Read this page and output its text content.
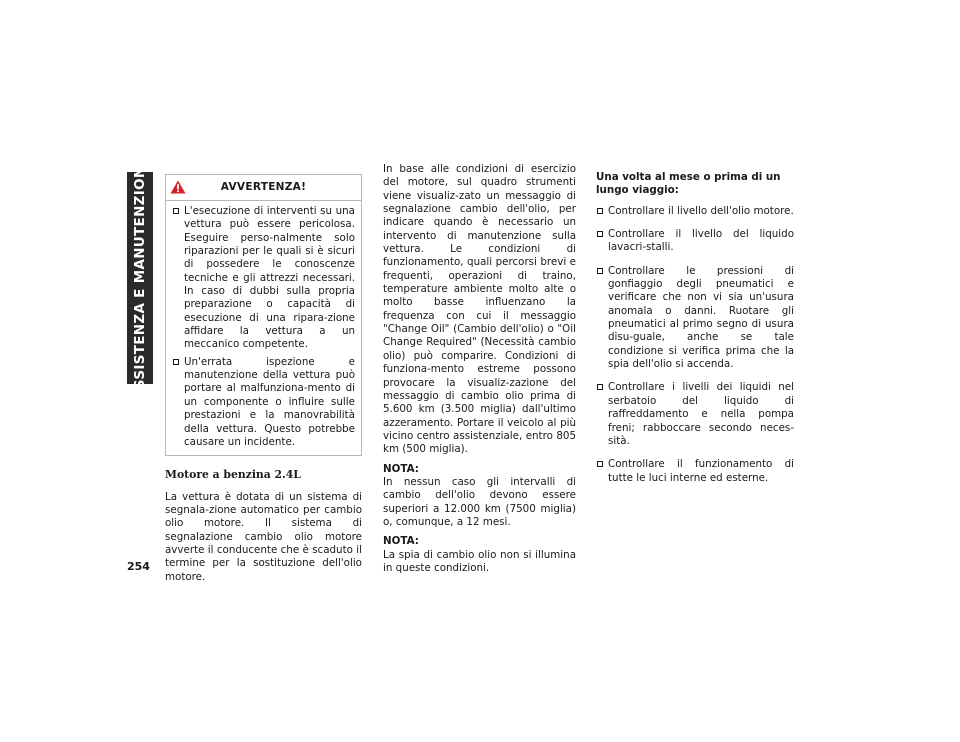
ASSISTENZA E MANUTENZIONE
254
AVVERTENZA!
L'esecuzione di interventi su una vettura può essere pericolosa. Eseguire perso-nalmente solo riparazioni per le quali si è sicuri di possedere le conoscenze tecniche e gli attrezzi necessari. In caso di dubbi sulla propria preparazione o capacità di esecuzione di una ripara-zione affidare la vettura a un meccanico competente.
Un'errata ispezione e manutenzione della vettura può portare al malfunziona-mento di un componente o influire sulle prestazioni e la manovrabilità della vettura. Questo potrebbe causare un incidente.
Motore a benzina 2.4L

La vettura è dotata di un sistema di segnala-zione automatico per cambio olio motore. Il sistema di segnalazione cambio olio motore avverte il conducente che è scaduto il termine per la sostituzione dell'olio motore.

In base alle condizioni di esercizio del motore, sul quadro strumenti viene visualiz-zato un messaggio di segnalazione cambio dell'olio, per indicare quando è necessario un intervento di manutenzione sulla vettura. Le condizioni di funzionamento, quali percorsi brevi e frequenti, operazioni di traino, temperature ambiente molto alte o molto basse influenzano la frequenza con cui il messaggio "Change Oil" (Cambio dell'olio) o "Oil Change Required" (Necessità cambio olio) può comparire. Condizioni di funziona-mento estreme possono provocare la visualiz-zazione del messaggio di cambio olio prima di 5.600 km (3.500 miglia) dall'ultimo azzeramento. Portare il veicolo al più vicino centro assistenziale, entro 805 km (500 miglia).

NOTA:

In nessun caso gli intervalli di cambio dell'olio devono essere superiori a 12.000 km (7500 miglia) o, comunque, a 12 mesi.

NOTA:

La spia di cambio olio non si illumina in queste condizioni.

Una volta al mese o prima di un lungo viaggio:
Controllare il livello dell'olio motore.
Controllare il livello del liquido lavacri-stalli.
Controllare le pressioni di gonfiaggio degli pneumatici e verificare che non vi sia un'usura anomala o danni. Ruotare gli pneumatici al primo segno di usura disu-guale, anche se tale condizione si verifica prima che la spia dell'olio si accenda.
Controllare i livelli dei liquidi nel serbatoio del liquido di raffreddamento e nella pompa freni; rabboccare secondo neces-sità.
Controllare il funzionamento di tutte le luci interne ed esterne.
